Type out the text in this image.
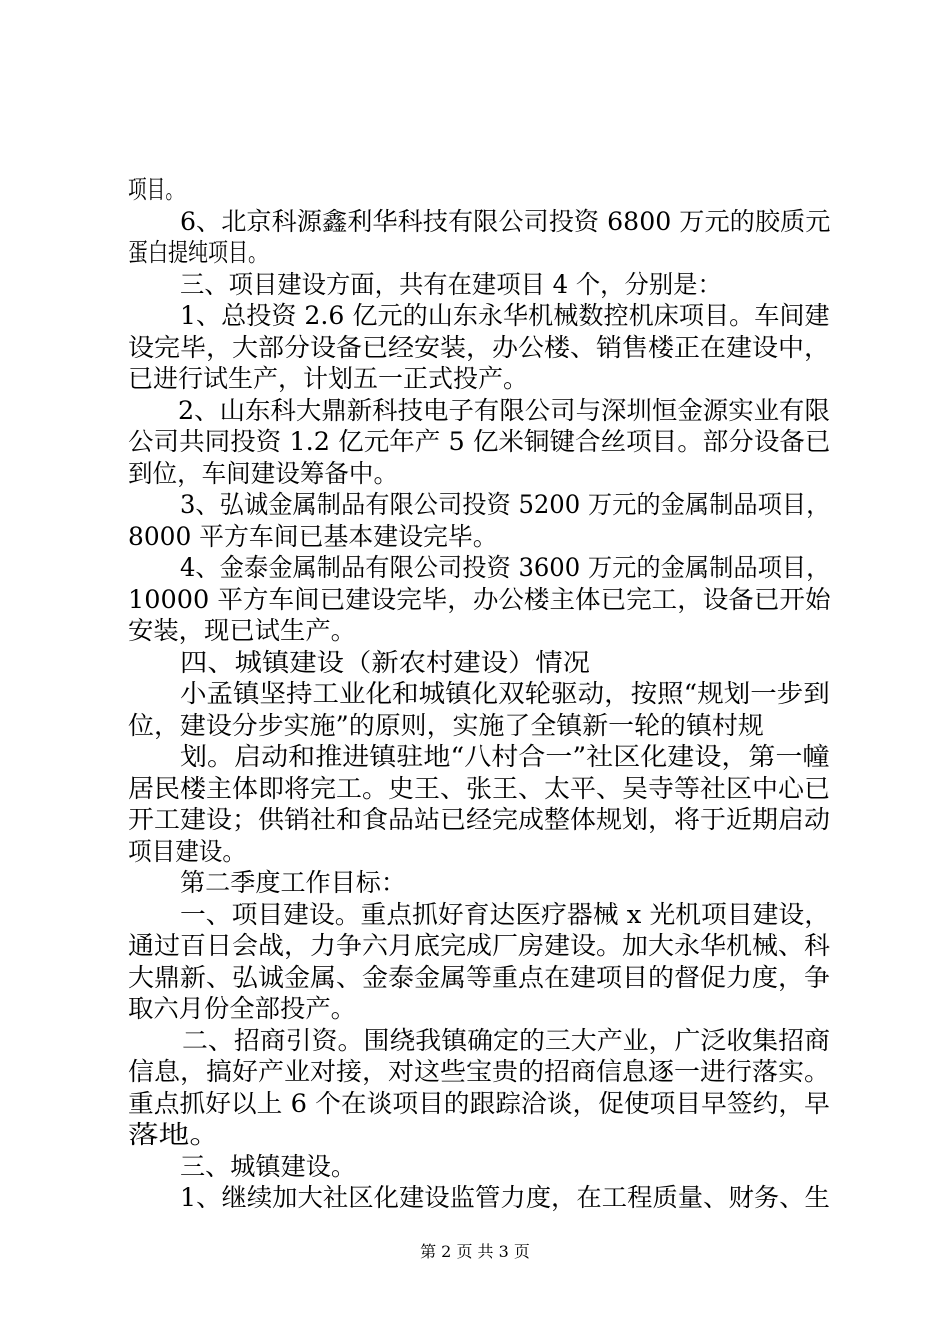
项目。
6、北京科源鑫利华科技有限公司投资 6800 万元的胶质元
蛋白提纯项目。
三、项目建设方面，共有在建项目 4 个，分别是：
1、总投资 2.6 亿元的山东永华机械数控机床项目。车间建
设完毕，大部分设备已经安装，办公楼、销售楼正在建设中，
已进行试生产，计划五一正式投产。
2、山东科大鼎新科技电子有限公司与深圳恒金源实业有限
公司共同投资 1.2 亿元年产 5 亿米铜键合丝项目。部分设备已
到位，车间建设筹备中。
3、弘诚金属制品有限公司投资 5200 万元的金属制品项目，
8000 平方车间已基本建设完毕。
4、金泰金属制品有限公司投资 3600 万元的金属制品项目，
10000 平方车间已建设完毕，办公楼主体已完工，设备已开始
安装，现已试生产。
四、城镇建设（新农村建设）情况
小孟镇坚持工业化和城镇化双轮驱动，按照“规划一步到
位，建设分步实施”的原则，实施了全镇新一轮的镇村规
划。启动和推进镇驻地“八村合一”社区化建设，第一幢
居民楼主体即将完工。史王、张王、太平、吴寺等社区中心已
开工建设；供销社和食品站已经完成整体规划，将于近期启动
项目建设。
第二季度工作目标：
一、项目建设。重点抓好育达医疗器械 x 光机项目建设，
通过百日会战，力争六月底完成厂房建设。加大永华机械、科
大鼎新、弘诚金属、金泰金属等重点在建项目的督促力度，争
取六月份全部投产。
二、招商引资。围绕我镇确定的三大产业，广泛收集招商
信息，搞好产业对接，对这些宝贵的招商信息逐一进行落实。
重点抓好以上 6 个在谈项目的跟踪洽谈，促使项目早签约，早
落地。
三、城镇建设。
1、继续加大社区化建设监管力度，在工程质量、财务、生
第 2 页 共 3 页
